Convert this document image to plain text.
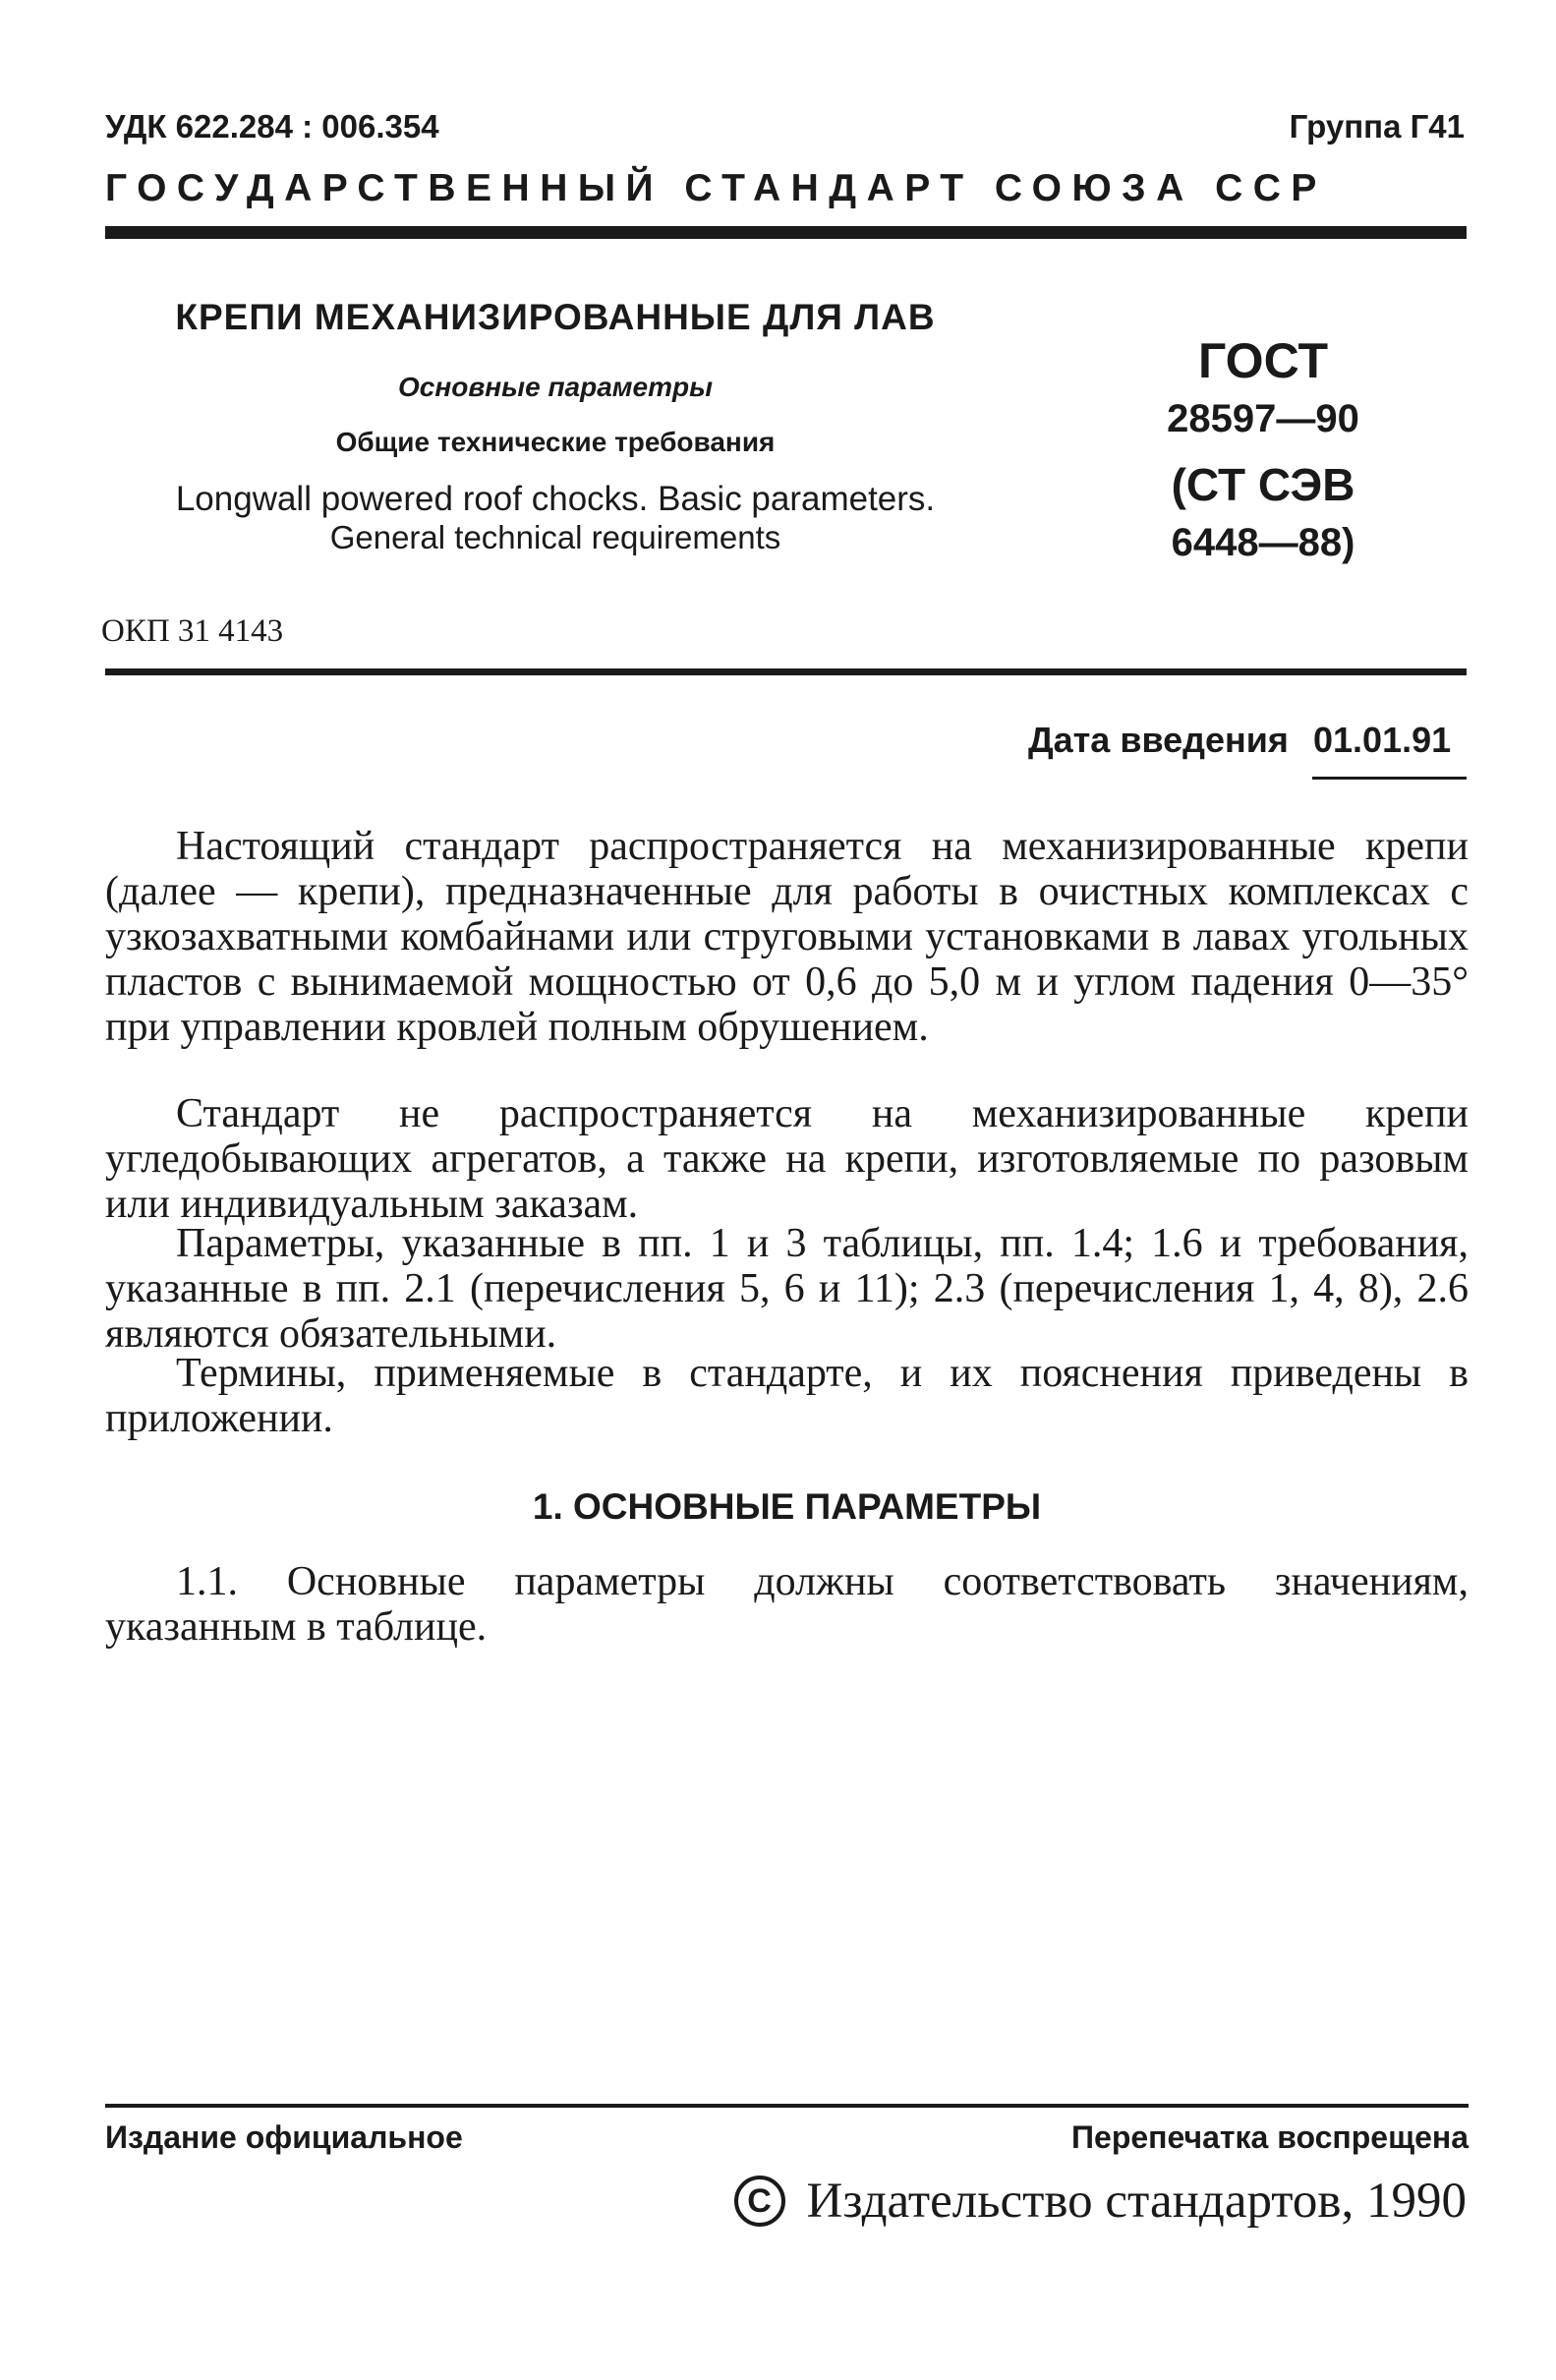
УДК 622.284 : 006.354	Группа Г41
ГОСУДАРСТВЕННЫЙ СТАНДАРТ СОЮЗА ССР
КРЕПИ МЕХАНИЗИРОВАННЫЕ ДЛЯ ЛАВ
Основные параметры
Общие технические требования
Longwall powered roof chocks. Basic parameters.
General technical requirements
ГОСТ
28597—90
(СТ СЭВ
6448—88)
ОКП 31 4143
Дата введения 01.01.91
Настоящий стандарт распространяется на механизированные крепи (далее — крепи), предназначенные для работы в очистных комплексах с узкозахватными комбайнами или струговыми установками в лавах угольных пластов с вынимаемой мощностью от 0,6 до 5,0 м и углом падения 0—35° при управлении кровлей полным обрушением.
Стандарт не распространяется на механизированные крепи угледобывающих агрегатов, а также на крепи, изготовляемые по разовым или индивидуальным заказам.
Параметры, указанные в пп. 1 и 3 таблицы, пп. 1.4; 1.6 и требования, указанные в пп. 2.1 (перечисления 5, 6 и 11); 2.3 (перечисления 1, 4, 8), 2.6 являются обязательными.
Термины, применяемые в стандарте, и их пояснения приведены в приложении.
1. ОСНОВНЫЕ ПАРАМЕТРЫ
1.1. Основные параметры должны соответствовать значениям, указанным в таблице.
Издание официальное	Перепечатка воспрещена
C Издательство стандартов, 1990
